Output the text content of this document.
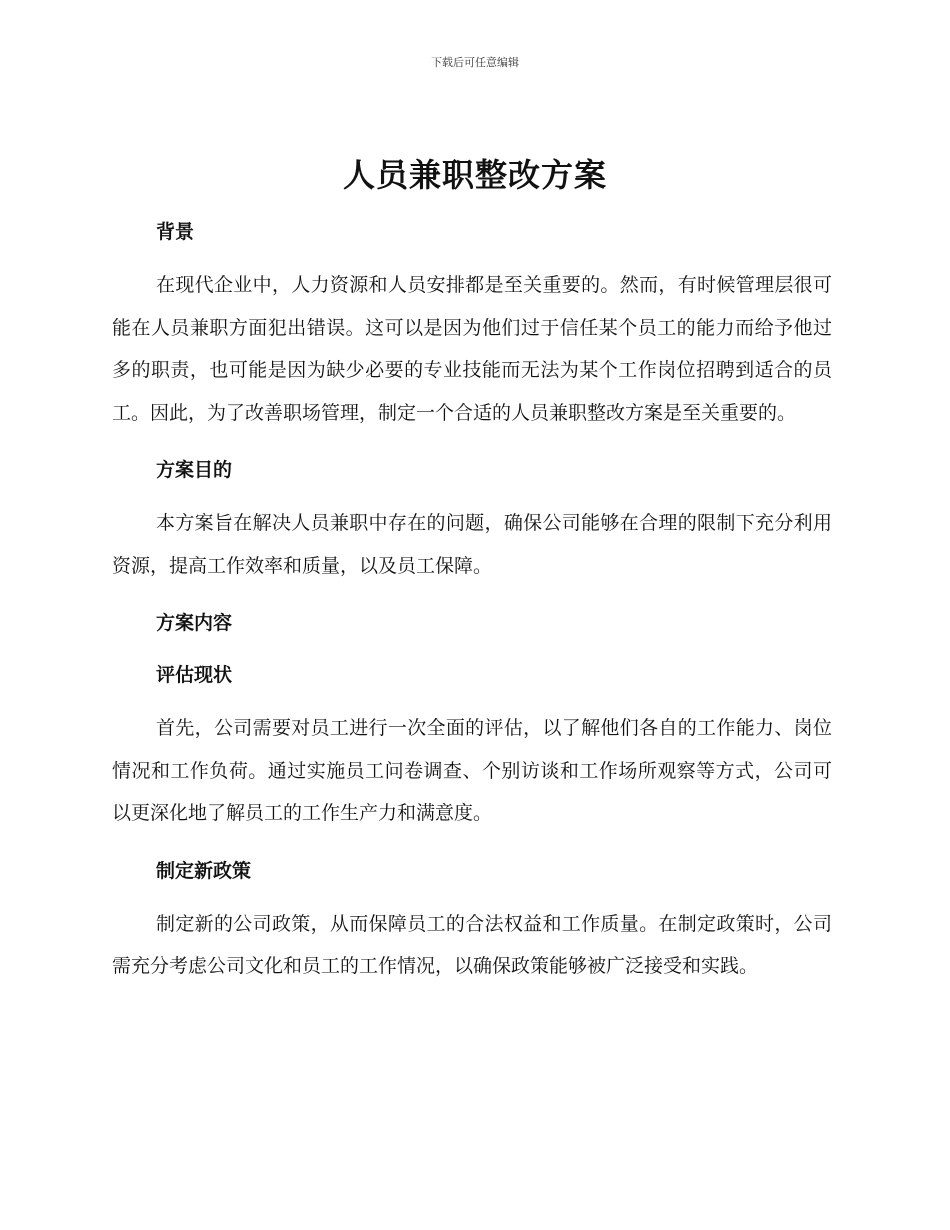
下载后可任意编辑
人员兼职整改方案
背景

在现代企业中，人力资源和人员安排都是至关重要的。然而，有时候管理层很可能在人员兼职方面犯出错误。这可以是因为他们过于信任某个员工的能力而给予他过多的职责，也可能是因为缺少必要的专业技能而无法为某个工作岗位招聘到适合的员工。因此，为了改善职场管理，制定一个合适的人员兼职整改方案是至关重要的。

方案目的

本方案旨在解决人员兼职中存在的问题，确保公司能够在合理的限制下充分利用资源，提高工作效率和质量，以及员工保障。

方案内容
评估现状

首先，公司需要对员工进行一次全面的评估，以了解他们各自的工作能力、岗位情况和工作负荷。通过实施员工问卷调查、个别访谈和工作场所观察等方式，公司可以更深化地了解员工的工作生产力和满意度。

制定新政策

制定新的公司政策，从而保障员工的合法权益和工作质量。在制定政策时，公司需充分考虑公司文化和员工的工作情况，以确保政策能够被广泛接受和实践。
